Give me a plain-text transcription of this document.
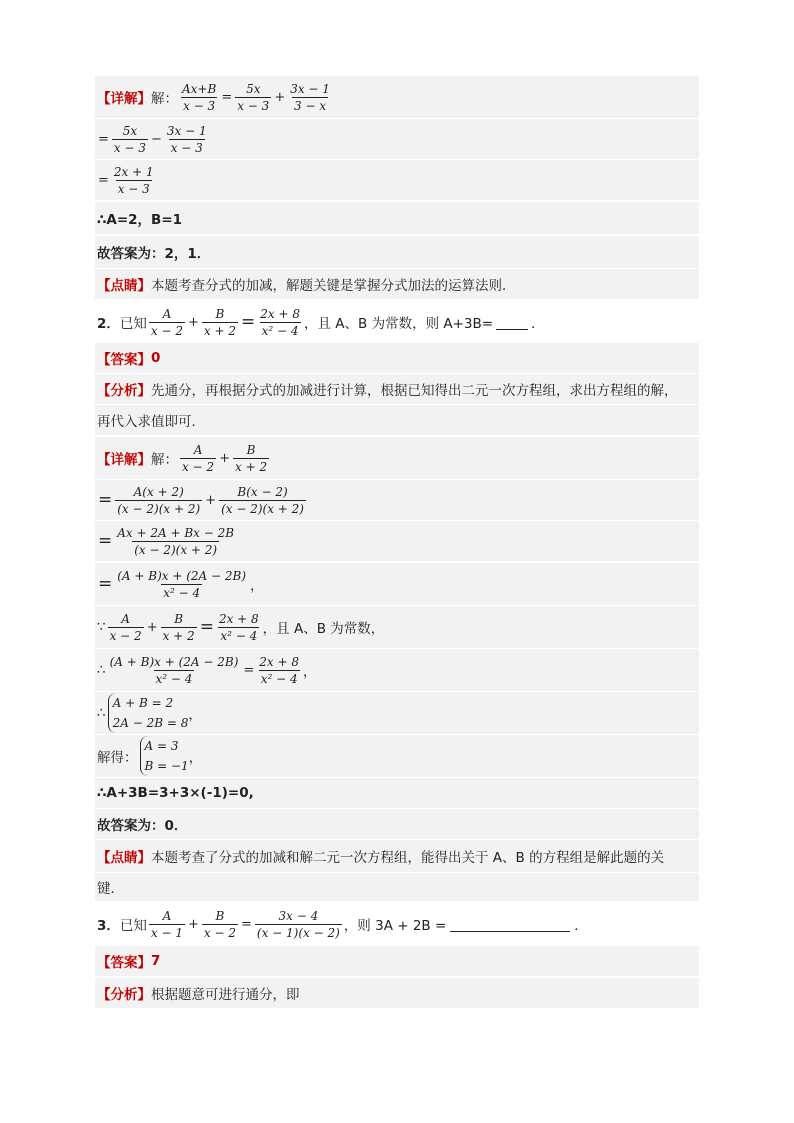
【详解】 解： $\frac{Ax+B}{x - 3} = \frac{5x}{x - 3} + \frac{3x - 1}{3 - x}$
= $\frac{5x}{x - 3} - \frac{3x - 1}{x - 3}$
= $\frac{2x + 1}{x - 3}$
∴A=2，B=1
故答案为：2，1．
【点睛】 本题考查分式的加减，解题关键是掌握分式加法的运算法则．
2． 已知
A
x − 2
+ $\frac{B}{x + 2} = \frac{2x + 8}{\text{x² − 4}}$ ，且 A、B 为常数，则 A+3B=	．
【答案】 0
【分析】 先通分，再根据分式的加减进行计算，根据已知得出二元一次方程组，求出方程组的解，
再代入求值即可．
【详解】 解：
A
x − 2
+ $\frac{B}{x + 2}$
= $\frac{A(x + 2)}{(x - 2)(x + 2)} + \frac{B(x - 2)}{(x - 2)(x + 2)}$
= $\frac{Ax + 2A + Bx - 2B}{(x - 2)(x + 2)}$
= $\frac{(A + B)x + (2A - 2B)}{\text{x² − 4}}$ ，
∵
A
x − 2
+ $\frac{B}{x + 2} = \frac{2x + 8}{\text{x² − 4}}$ ，且 A、B 为常数，
∴ $\frac{(A + B)x + (2A - 2B)}{\text{x² − 4}} = \frac{2x + 8}{\text{x² − 4}}$ ，
∴
A + B = 2
2A − 2B = 8 ，
解得：
A = 3
B = −1 ，
∴A+3B=3+3×(-1)=0,
故答案为：0．
【点睛】 本题考查了分式的加减和解二元一次方程组，能得出关于 A、B 的方程组是解此题的关
键．
3． 已知
A
x − 1
+ $\frac{B}{x - 2} = \frac{3x - 4}{(x - 1)(x - 2)}$ ，则 3A + 2B =	．
【答案】 7
【分析】 根据题意可进行通分，即
